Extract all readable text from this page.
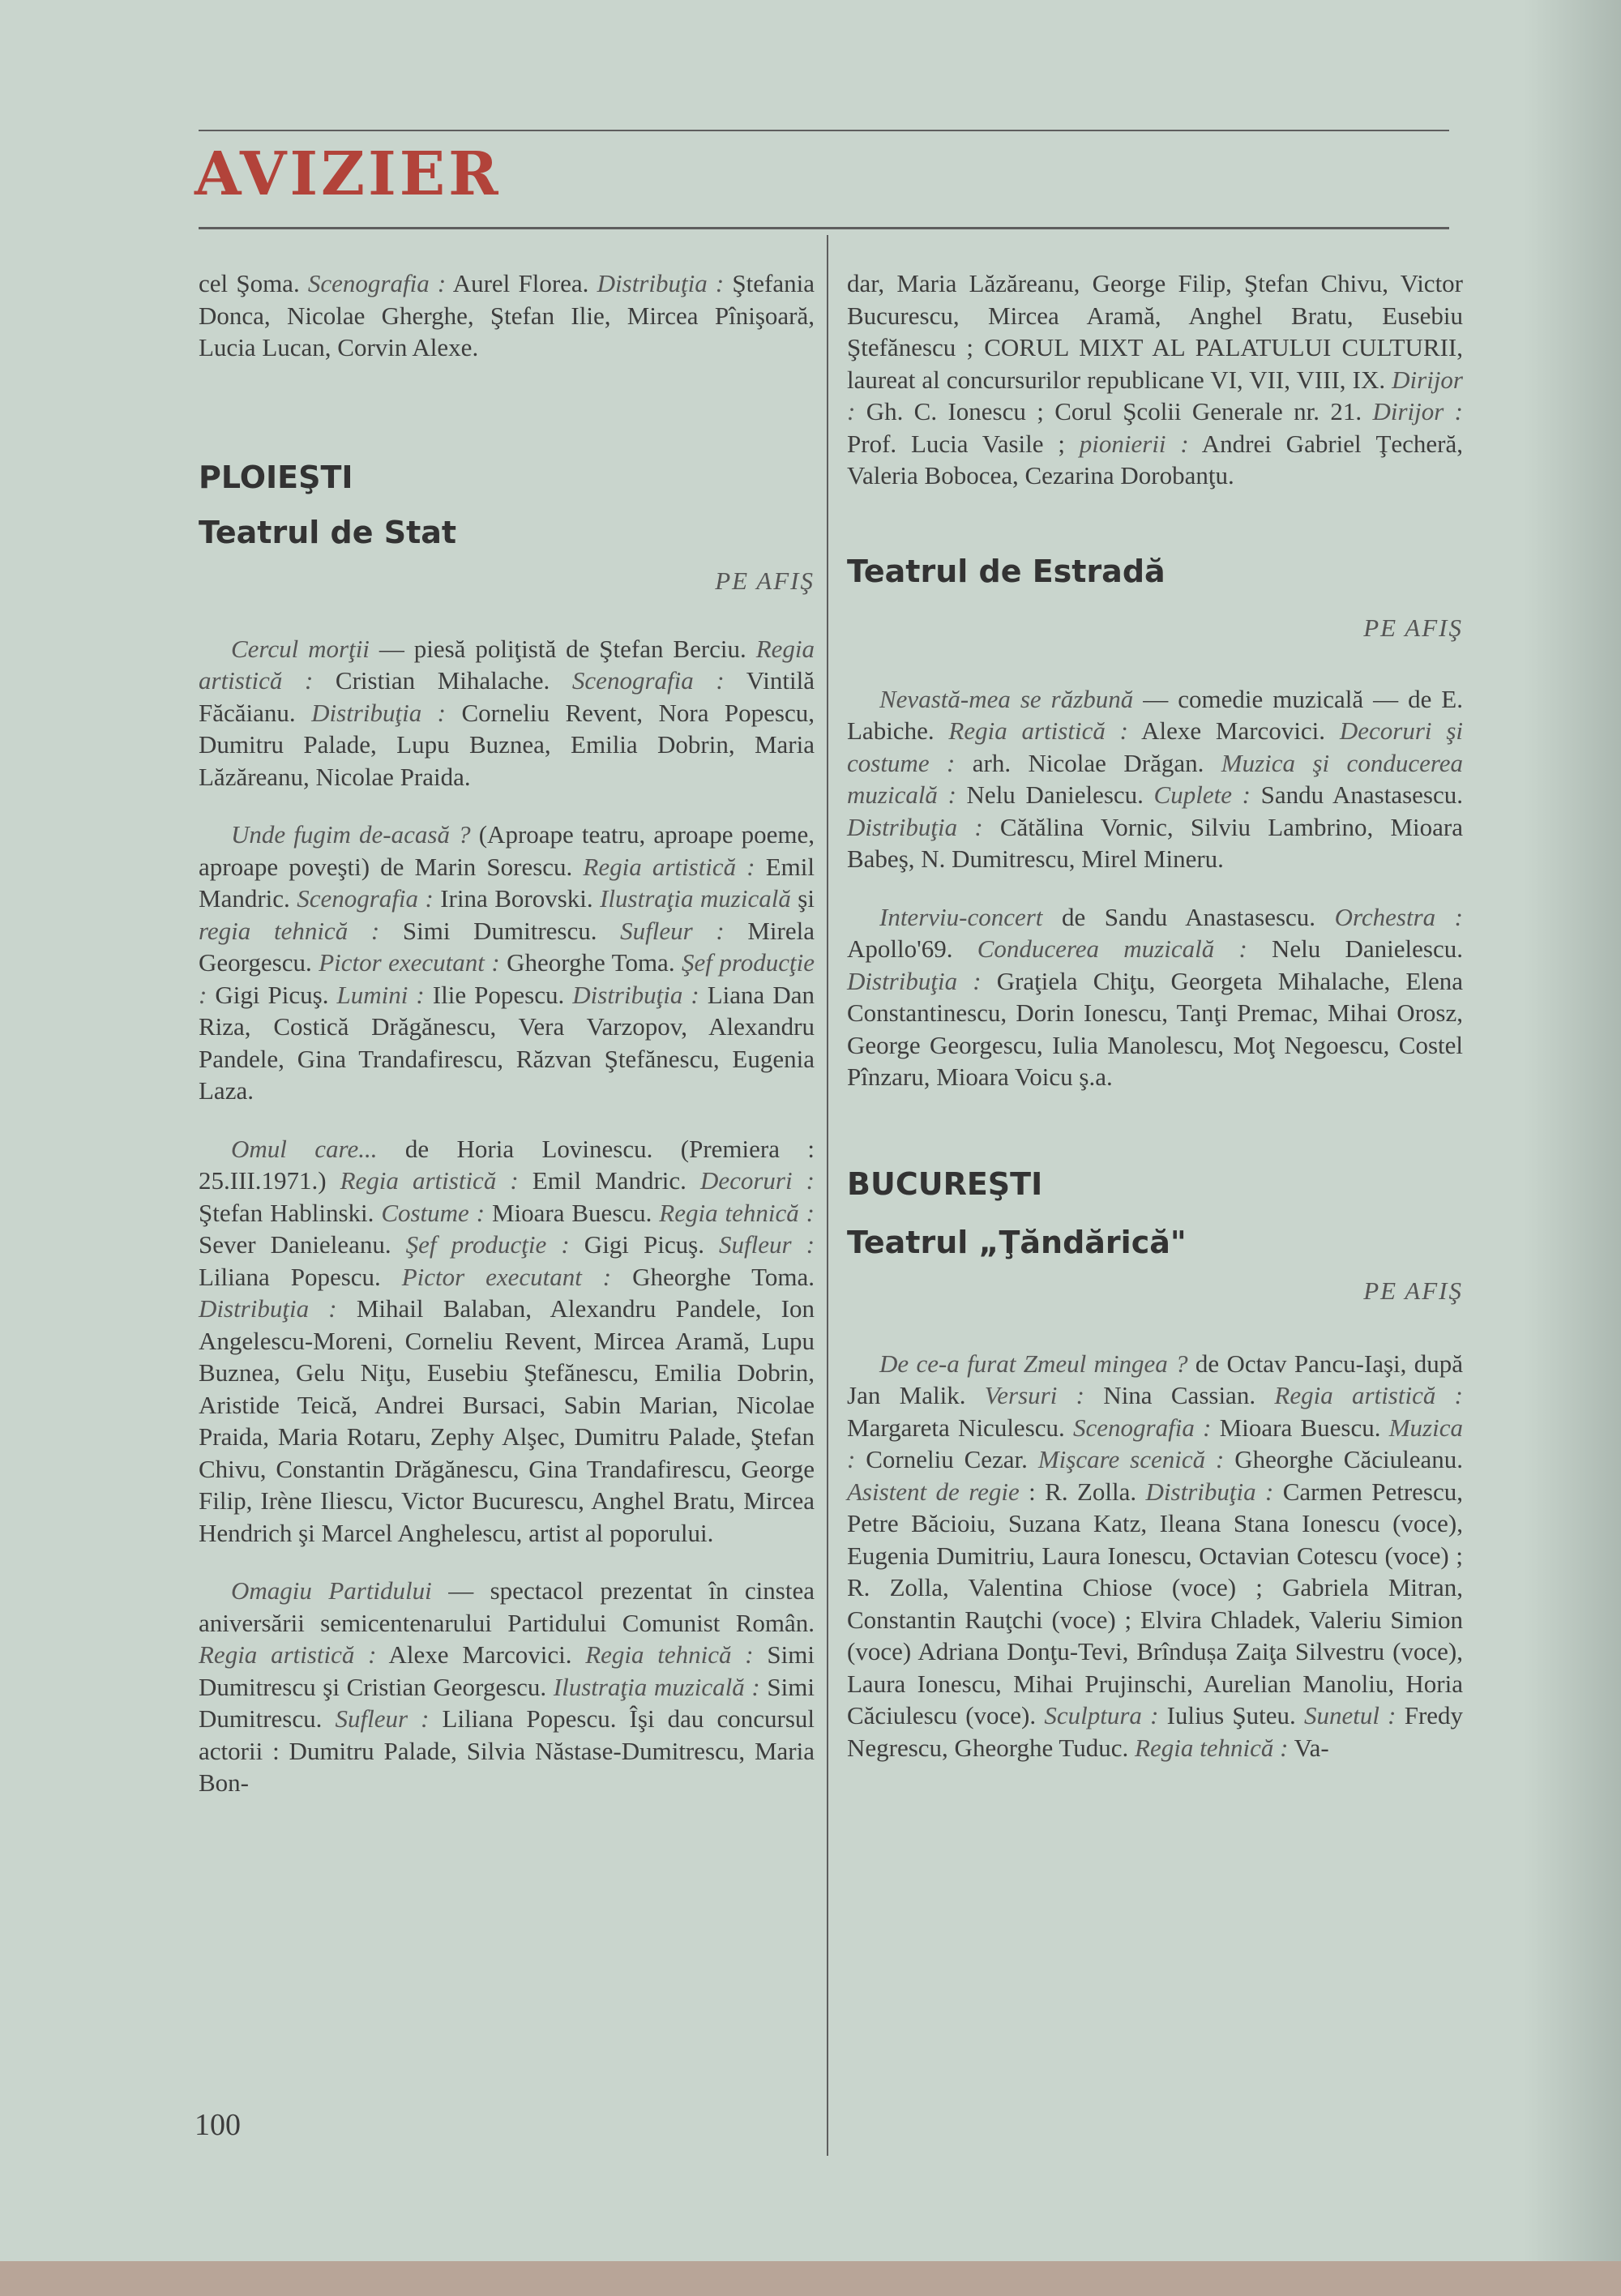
AVIZIER

cel Şoma. Scenografia : Aurel Florea. Distribuţia : Ştefania Donca, Nicolae Gherghe, Ştefan Ilie, Mircea Pînişoară, Lucia Lucan, Corvin Alexe.

PLOIEŞTI
Teatrul de Stat

PE AFIŞ

Cercul morţii — piesă poliţistă de Ştefan Berciu. Regia artistică : Cristian Mihalache. Scenografia : Vintilă Făcăianu. Distribuţia : Corneliu Revent, Nora Popescu, Dumitru Palade, Lupu Buznea, Emilia Dobrin, Maria Lăzăreanu, Nicolae Praida.

Unde fugim de-acasă ? (Aproape teatru, aproape poeme, aproape poveşti) de Marin Sorescu. Regia artistică : Emil Mandric. Scenografia : Irina Borovski. Ilustraţia muzicală şi regia tehnică : Simi Dumitrescu. Sufleur : Mirela Georgescu. Pictor executant : Gheorghe Toma. Şef producţie : Gigi Picuş. Lumini : Ilie Popescu. Distribuţia : Liana Dan Riza, Costică Drăgănescu, Vera Varzopov, Alexandru Pandele, Gina Trandafirescu, Răzvan Ştefănescu, Eugenia Laza.

Omul care... de Horia Lovinescu. (Premiera : 25.III.1971.) Regia artistică : Emil Mandric. Decoruri : Ştefan Hablinski. Costume : Mioara Buescu. Regia tehnică : Sever Danieleanu. Şef producţie : Gigi Picuş. Sufleur : Liliana Popescu. Pictor executant : Gheorghe Toma. Distribuţia : Mihail Balaban, Alexandru Pandele, Ion Angelescu-Moreni, Corneliu Revent, Mircea Aramă, Lupu Buznea, Gelu Niţu, Eusebiu Ştefănescu, Emilia Dobrin, Aristide Teică, Andrei Bursaci, Sabin Marian, Nicolae Praida, Maria Rotaru, Zephy Alşec, Dumitru Palade, Ştefan Chivu, Constantin Drăgănescu, Gina Trandafirescu, George Filip, Irène Iliescu, Victor Bucurescu, Anghel Bratu, Mircea Hendrich şi Marcel Anghelescu, artist al poporului.

Omagiu Partidului — spectacol prezentat în cinstea aniversării semicentenarului Partidului Comunist Român. Regia artistică : Alexe Marcovici. Regia tehnică : Simi Dumitrescu şi Cristian Georgescu. Ilustraţia muzicală : Simi Dumitrescu. Sufleur : Liliana Popescu. Îşi dau concursul actorii : Dumitru Palade, Silvia Năstase-Dumitrescu, Maria Bon-

dar, Maria Lăzăreanu, George Filip, Ştefan Chivu, Victor Bucurescu, Mircea Aramă, Anghel Bratu, Eusebiu Ştefănescu ; CORUL MIXT AL PALATULUI CULTURII, laureat al concursurilor republicane VI, VII, VIII, IX. Dirijor : Gh. C. Ionescu ; Corul Şcolii Generale nr. 21. Dirijor : Prof. Lucia Vasile ; pionierii : Andrei Gabriel Ţecheră, Valeria Bobocea, Cezarina Dorobanţu.

Teatrul de Estradă

PE AFIŞ

Nevastă-mea se răzbună — comedie muzicală — de E. Labiche. Regia artistică : Alexe Marcovici. Decoruri şi costume : arh. Nicolae Drăgan. Muzica şi conducerea muzicală : Nelu Danielescu. Cuplete : Sandu Anastasescu. Distribuţia : Cătălina Vornic, Silviu Lambrino, Mioara Babeş, N. Dumitrescu, Mirel Mineru.

Interviu-concert de Sandu Anastasescu. Orchestra : Apollo'69. Conducerea muzicală : Nelu Danielescu. Distribuţia : Graţiela Chiţu, Georgeta Mihalache, Elena Constantinescu, Dorin Ionescu, Tanţi Premac, Mihai Orosz, George Georgescu, Iulia Manolescu, Moţ Negoescu, Costel Pînzaru, Mioara Voicu ş.a.

BUCUREŞTI
Teatrul „Ţăndărică"

PE AFIŞ

De ce-a furat Zmeul mingea ? de Octav Pancu-Iaşi, după Jan Malik. Versuri : Nina Cassian. Regia artistică : Margareta Niculescu. Scenografia : Mioara Buescu. Muzica : Corneliu Cezar. Mişcare scenică : Gheorghe Căciuleanu. Asistent de regie : R. Zolla. Distribuţia : Carmen Petrescu, Petre Băcioiu, Suzana Katz, Ileana Stana Ionescu (voce), Eugenia Dumitriu, Laura Ionescu, Octavian Cotescu (voce) ; R. Zolla, Valentina Chiose (voce) ; Gabriela Mitran, Constantin Rauţchi (voce) ; Elvira Chladek, Valeriu Simion (voce) Adriana Donţu-Tevi, Brîndușa Zaiţa Silvestru (voce), Laura Ionescu, Mihai Prujinschi, Aurelian Manoliu, Horia Căciulescu (voce). Sculptura : Iulius Şuteu. Sunetul : Fredy Negrescu, Gheorghe Tuduc. Regia tehnică : Va-

100
